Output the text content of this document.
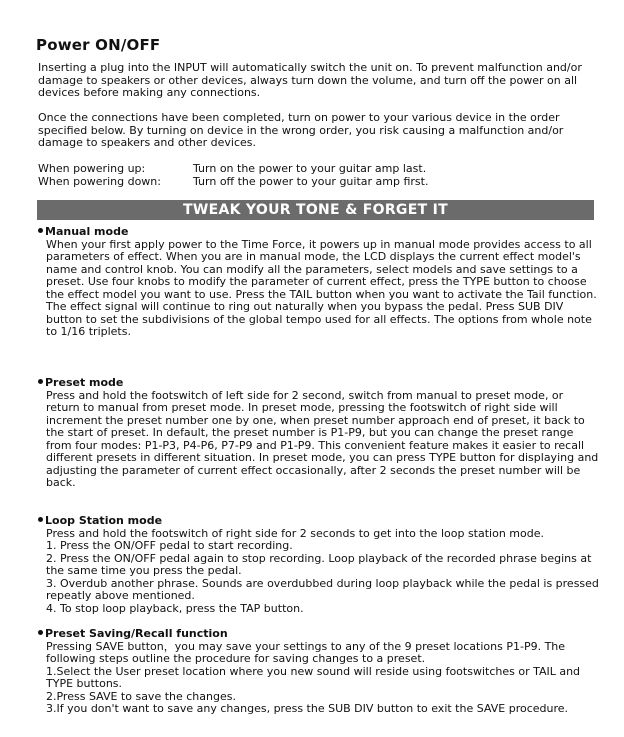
Power ON/OFF

Inserting a plug into the INPUT will automatically switch the unit on. To prevent malfunction and/or damage to speakers or other devices, always turn down the volume, and turn off the power on all devices before making any connections.

Once the connections have been completed, turn on power to your various device in the order specified below. By turning on device in the wrong order, you risk causing a malfunction and/or damage to speakers and other devices.

When powering up:	Turn on the power to your guitar amp last.
When powering down:	Turn off the power to your guitar amp first.
TWEAK YOUR TONE & FORGET IT

Manual mode

When your first apply power to the Time Force, it powers up in manual mode provides access to all parameters of effect. When you are in manual mode, the LCD displays the current effect model's name and control knob. You can modify all the parameters, select models and save settings to a preset. Use four knobs to modify the parameter of current effect, press the TYPE button to choose the effect model you want to use. Press the TAIL button when you want to activate the Tail function. The effect signal will continue to ring out naturally when you bypass the pedal. Press SUB DIV button to set the subdivisions of the global tempo used for all effects. The options from whole note to 1/16 triplets.

Preset mode

Press and hold the footswitch of left side for 2 second, switch from manual to preset mode, or return to manual from preset mode. In preset mode, pressing the footswitch of right side will increment the preset number one by one, when preset number approach end of preset, it back to the start of preset. In default, the preset number is P1-P9, but you can change the preset range from four modes: P1-P3, P4-P6, P7-P9 and P1-P9. This convenient feature makes it easier to recall different presets in different situation. In preset mode, you can press TYPE button for displaying and adjusting the parameter of current effect occasionally, after 2 seconds the preset number will be back.

Loop Station mode

Press and hold the footswitch of right side for 2 seconds to get into the loop station mode.

1. Press the ON/OFF pedal to start recording.

2. Press the ON/OFF pedal again to stop recording. Loop playback of the recorded phrase begins at the same time you press the pedal.

3. Overdub another phrase. Sounds are overdubbed during loop playback while the pedal is pressed repeatly above mentioned.

4. To stop loop playback, press the TAP button.

Preset Saving/Recall function

Pressing SAVE button，you may save your settings to any of the 9 preset locations P1-P9. The following steps outline the procedure for saving changes to a preset.

1.Select the User preset location where you new sound will reside using footswitches or TAIL and TYPE buttons.

2.Press SAVE to save the changes.

3.If you don't want to save any changes, press the SUB DIV button to exit the SAVE procedure.
